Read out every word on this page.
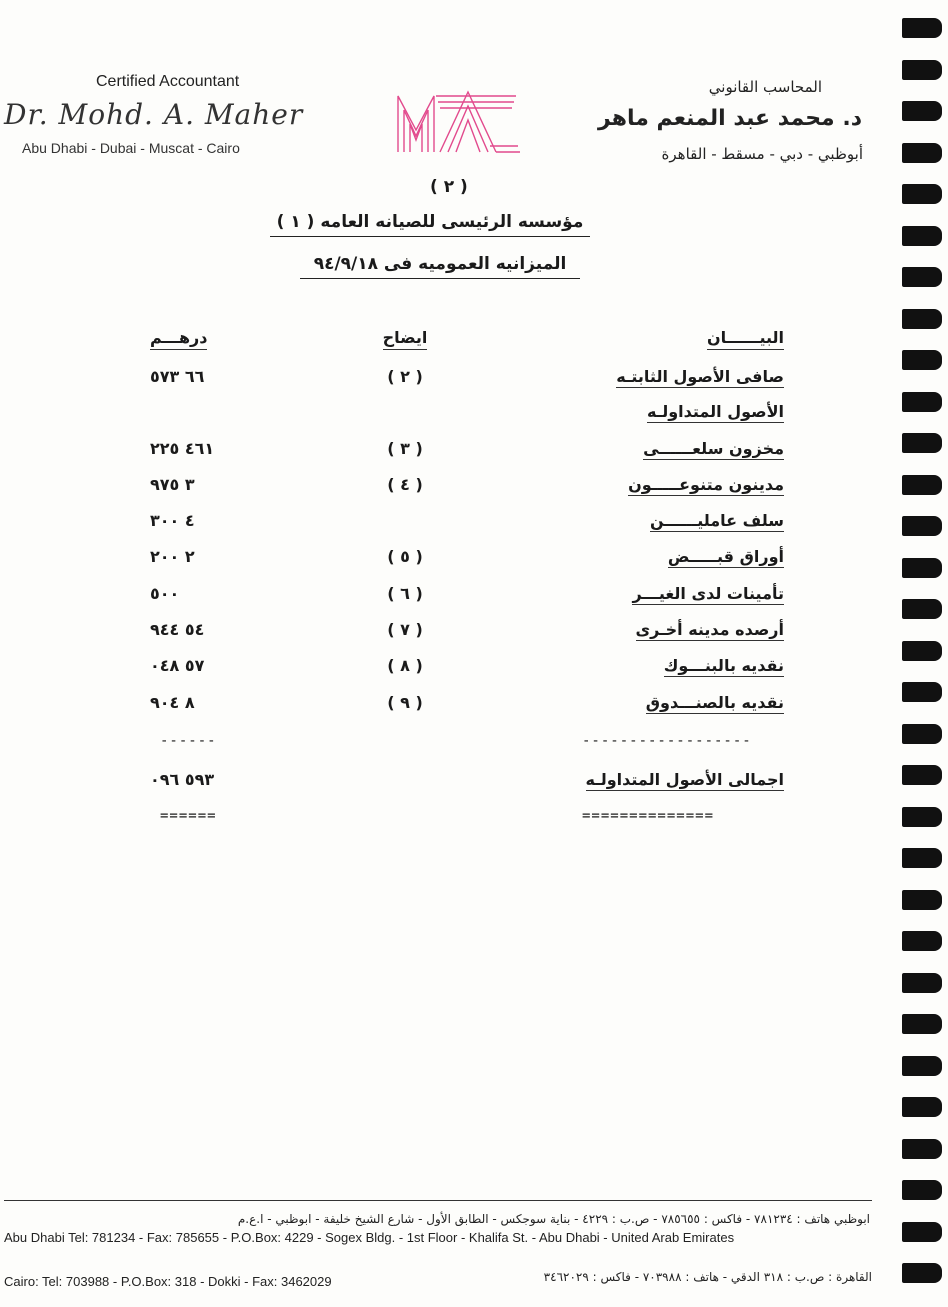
Certified Accountant
Dr. Mohd. A. Maher
Abu Dhabi - Dubai - Muscat - Cairo
المحاسب القانوني
د. محمد عبد المنعم ماهر
أبوظبي - دبي - مسقط - القاهرة
( ٢ )
مؤسسه الرئيسى للصيانه العامه ( ١ )
الميزانيه العموميه فى ٩٤/٩/١٨
البيــــــان
ايضاح
درهـــم
صافى الأصول الثابتـه
( ٢ )
٦٦ ٥٧٣
الأصول المتداولـه
مخزون سلعــــــى
( ٣ )
٤٦١ ٢٢٥
مدينون متنوعـــــون
( ٤ )
٣ ٩٧٥
سلف عامليــــــن
٤ ٣٠٠
أوراق قبـــــض
( ٥ )
٢ ٢٠٠
تأمينات لدى الغيـــر
( ٦ )
٥٠٠
أرصده مدينه أخـرى
( ٧ )
٥٤ ٩٤٤
نقديه بالبنـــوك
( ٨ )
٥٧ ٠٤٨
نقديه بالصنـــدوق
( ٩ )
٨ ٩٠٤
------------------
------
اجمالى الأصول المتداولـه
٥٩٣ ٠٩٦
==============
======
ابوظبي هاتف : ٧٨١٢٣٤ - فاكس : ٧٨٥٦٥٥ - ص.ب : ٤٢٢٩ - بناية سوجكس - الطابق الأول - شارع الشيخ خليفة - ابوظبي - ا.ع.م
Abu Dhabi Tel: 781234 - Fax: 785655 - P.O.Box: 4229 - Sogex Bldg. - 1st Floor - Khalifa St. - Abu Dhabi - United Arab Emirates
Cairo: Tel: 703988 - P.O.Box: 318 - Dokki - Fax: 3462029	القاهرة : ص.ب : ٣١٨ الدقي - هاتف : ٧٠٣٩٨٨ - فاكس : ٣٤٦٢٠٢٩
